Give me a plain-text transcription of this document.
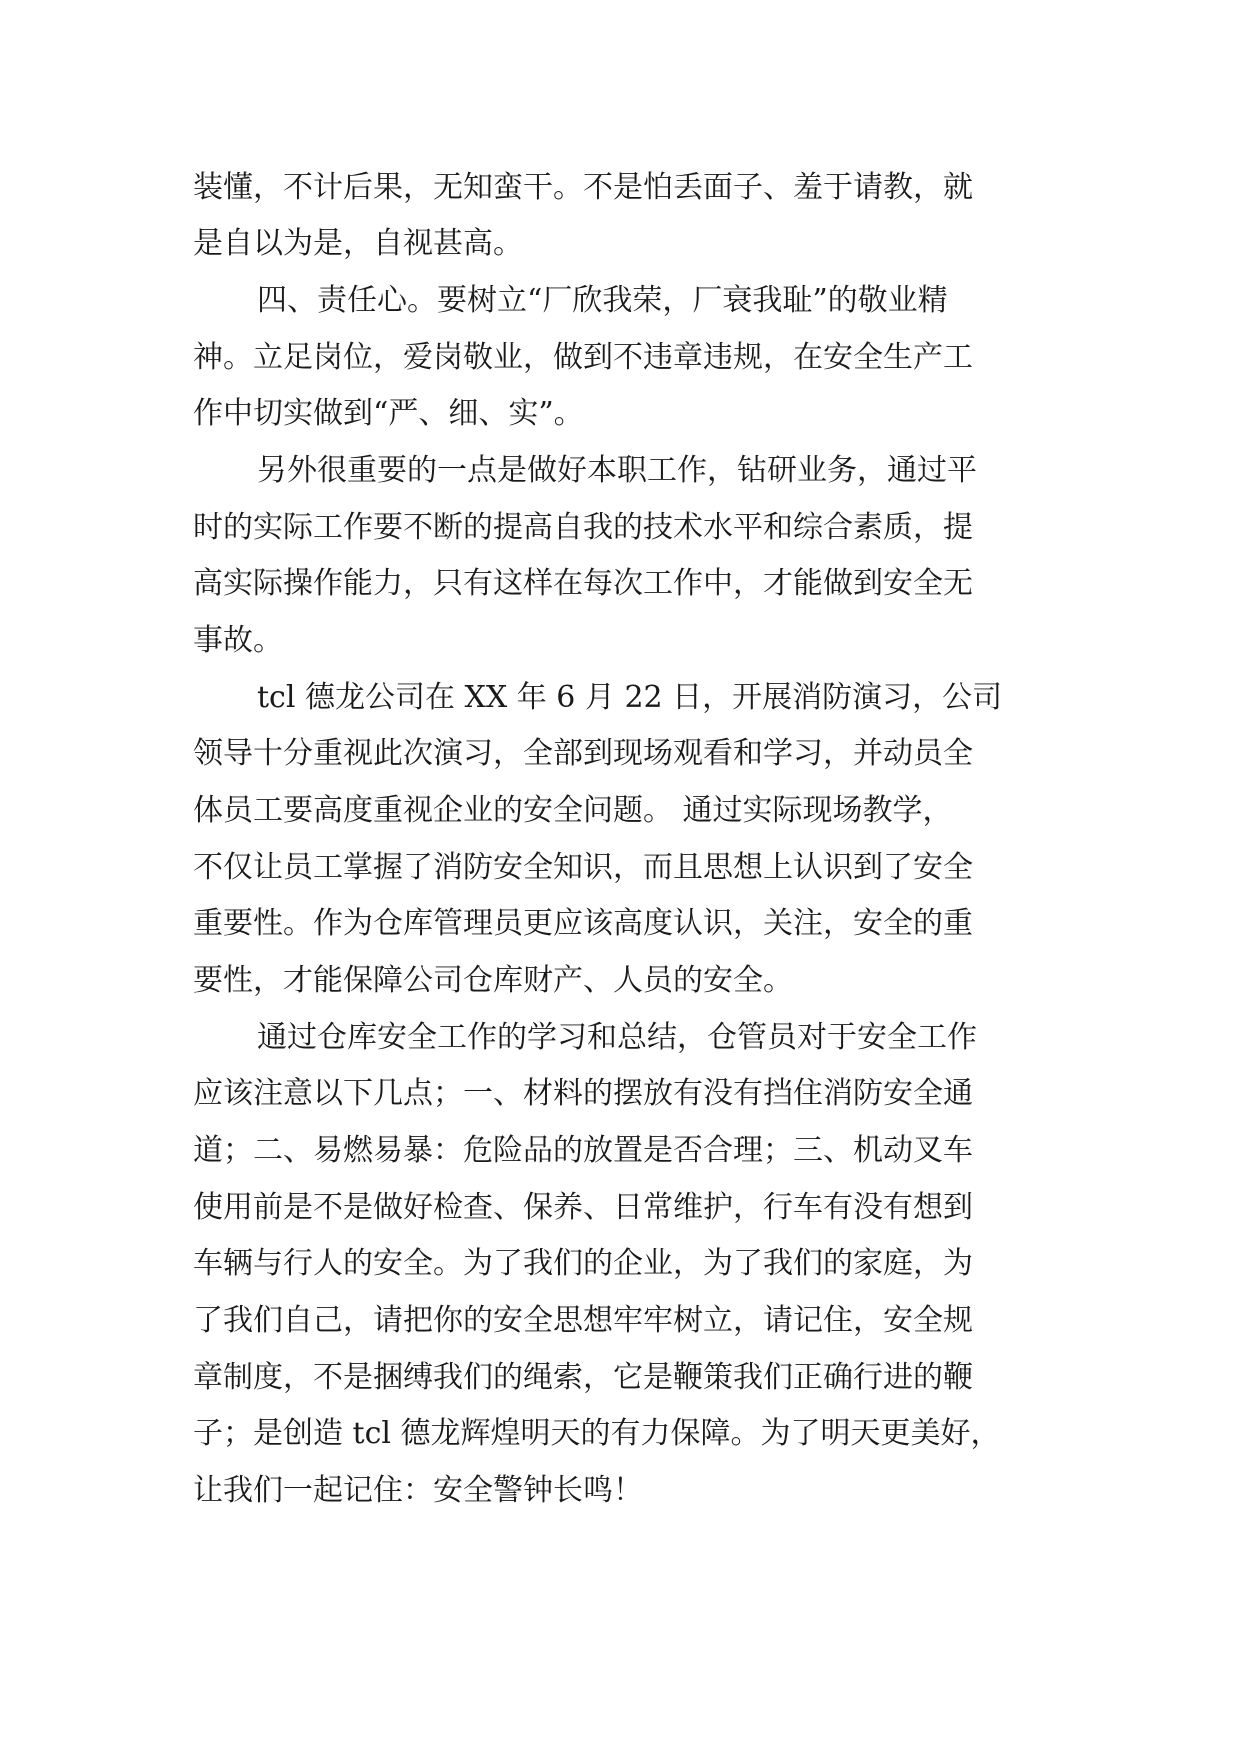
装懂，不计后果，无知蛮干。不是怕丢面子、羞于请教，就
是自以为是，自视甚高。
四、责任心。要树立“厂欣我荣，厂衰我耻”的敬业精
神。立足岗位，爱岗敬业，做到不违章违规，在安全生产工
作中切实做到“严、细、实”。
另外很重要的一点是做好本职工作，钻研业务，通过平
时的实际工作要不断的提高自我的技术水平和综合素质，提
高实际操作能力，只有这样在每次工作中，才能做到安全无
事故。
tcl 德龙公司在 XX 年 6 月 22 日，开展消防演习，公司
领导十分重视此次演习，全部到现场观看和学习，并动员全
体员工要高度重视企业的安全问题。 通过实际现场教学，
不仅让员工掌握了消防安全知识，而且思想上认识到了安全
重要性。作为仓库管理员更应该高度认识，关注，安全的重
要性，才能保障公司仓库财产、人员的安全。
通过仓库安全工作的学习和总结，仓管员对于安全工作
应该注意以下几点；一、材料的摆放有没有挡住消防安全通
道；二、易燃易暴：危险品的放置是否合理；三、机动叉车
使用前是不是做好检查、保养、日常维护，行车有没有想到
车辆与行人的安全。为了我们的企业，为了我们的家庭，为
了我们自己，请把你的安全思想牢牢树立，请记住，安全规
章制度，不是捆缚我们的绳索，它是鞭策我们正确行进的鞭
子；是创造 tcl 德龙辉煌明天的有力保障。为了明天更美好，
让我们一起记住：安全警钟长鸣！
